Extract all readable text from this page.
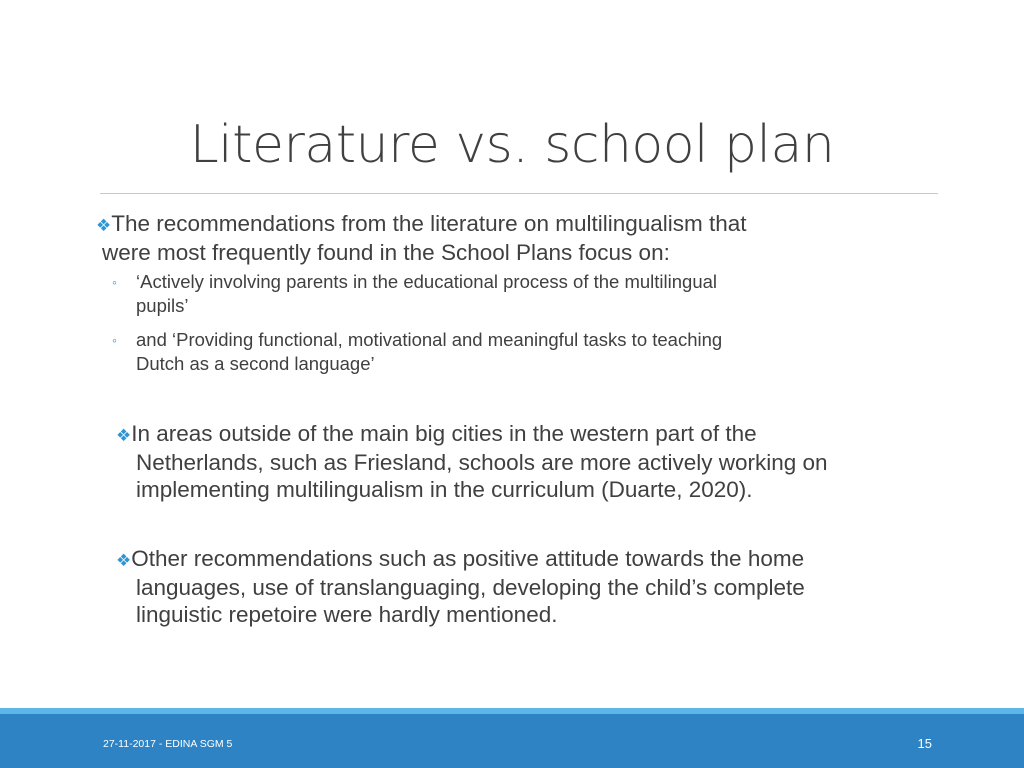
Literature vs. school plan
❖The recommendations from the literature on multilingualism that
were most frequently found in the School Plans focus on:
◦ ‘Actively involving parents in the educational process of the multilingual
pupils’
◦ and ‘Providing functional, motivational and meaningful tasks to teaching
Dutch as a second language’
❖In areas outside of the main big cities in the western part of the
Netherlands, such as Friesland, schools are more actively working on
implementing multilingualism in the curriculum (Duarte, 2020).
❖Other recommendations such as positive attitude towards the home
languages, use of translanguaging, developing the child’s complete
linguistic repetoire were hardly mentioned.
27-11-2017 - EDINA SGM 5	15
